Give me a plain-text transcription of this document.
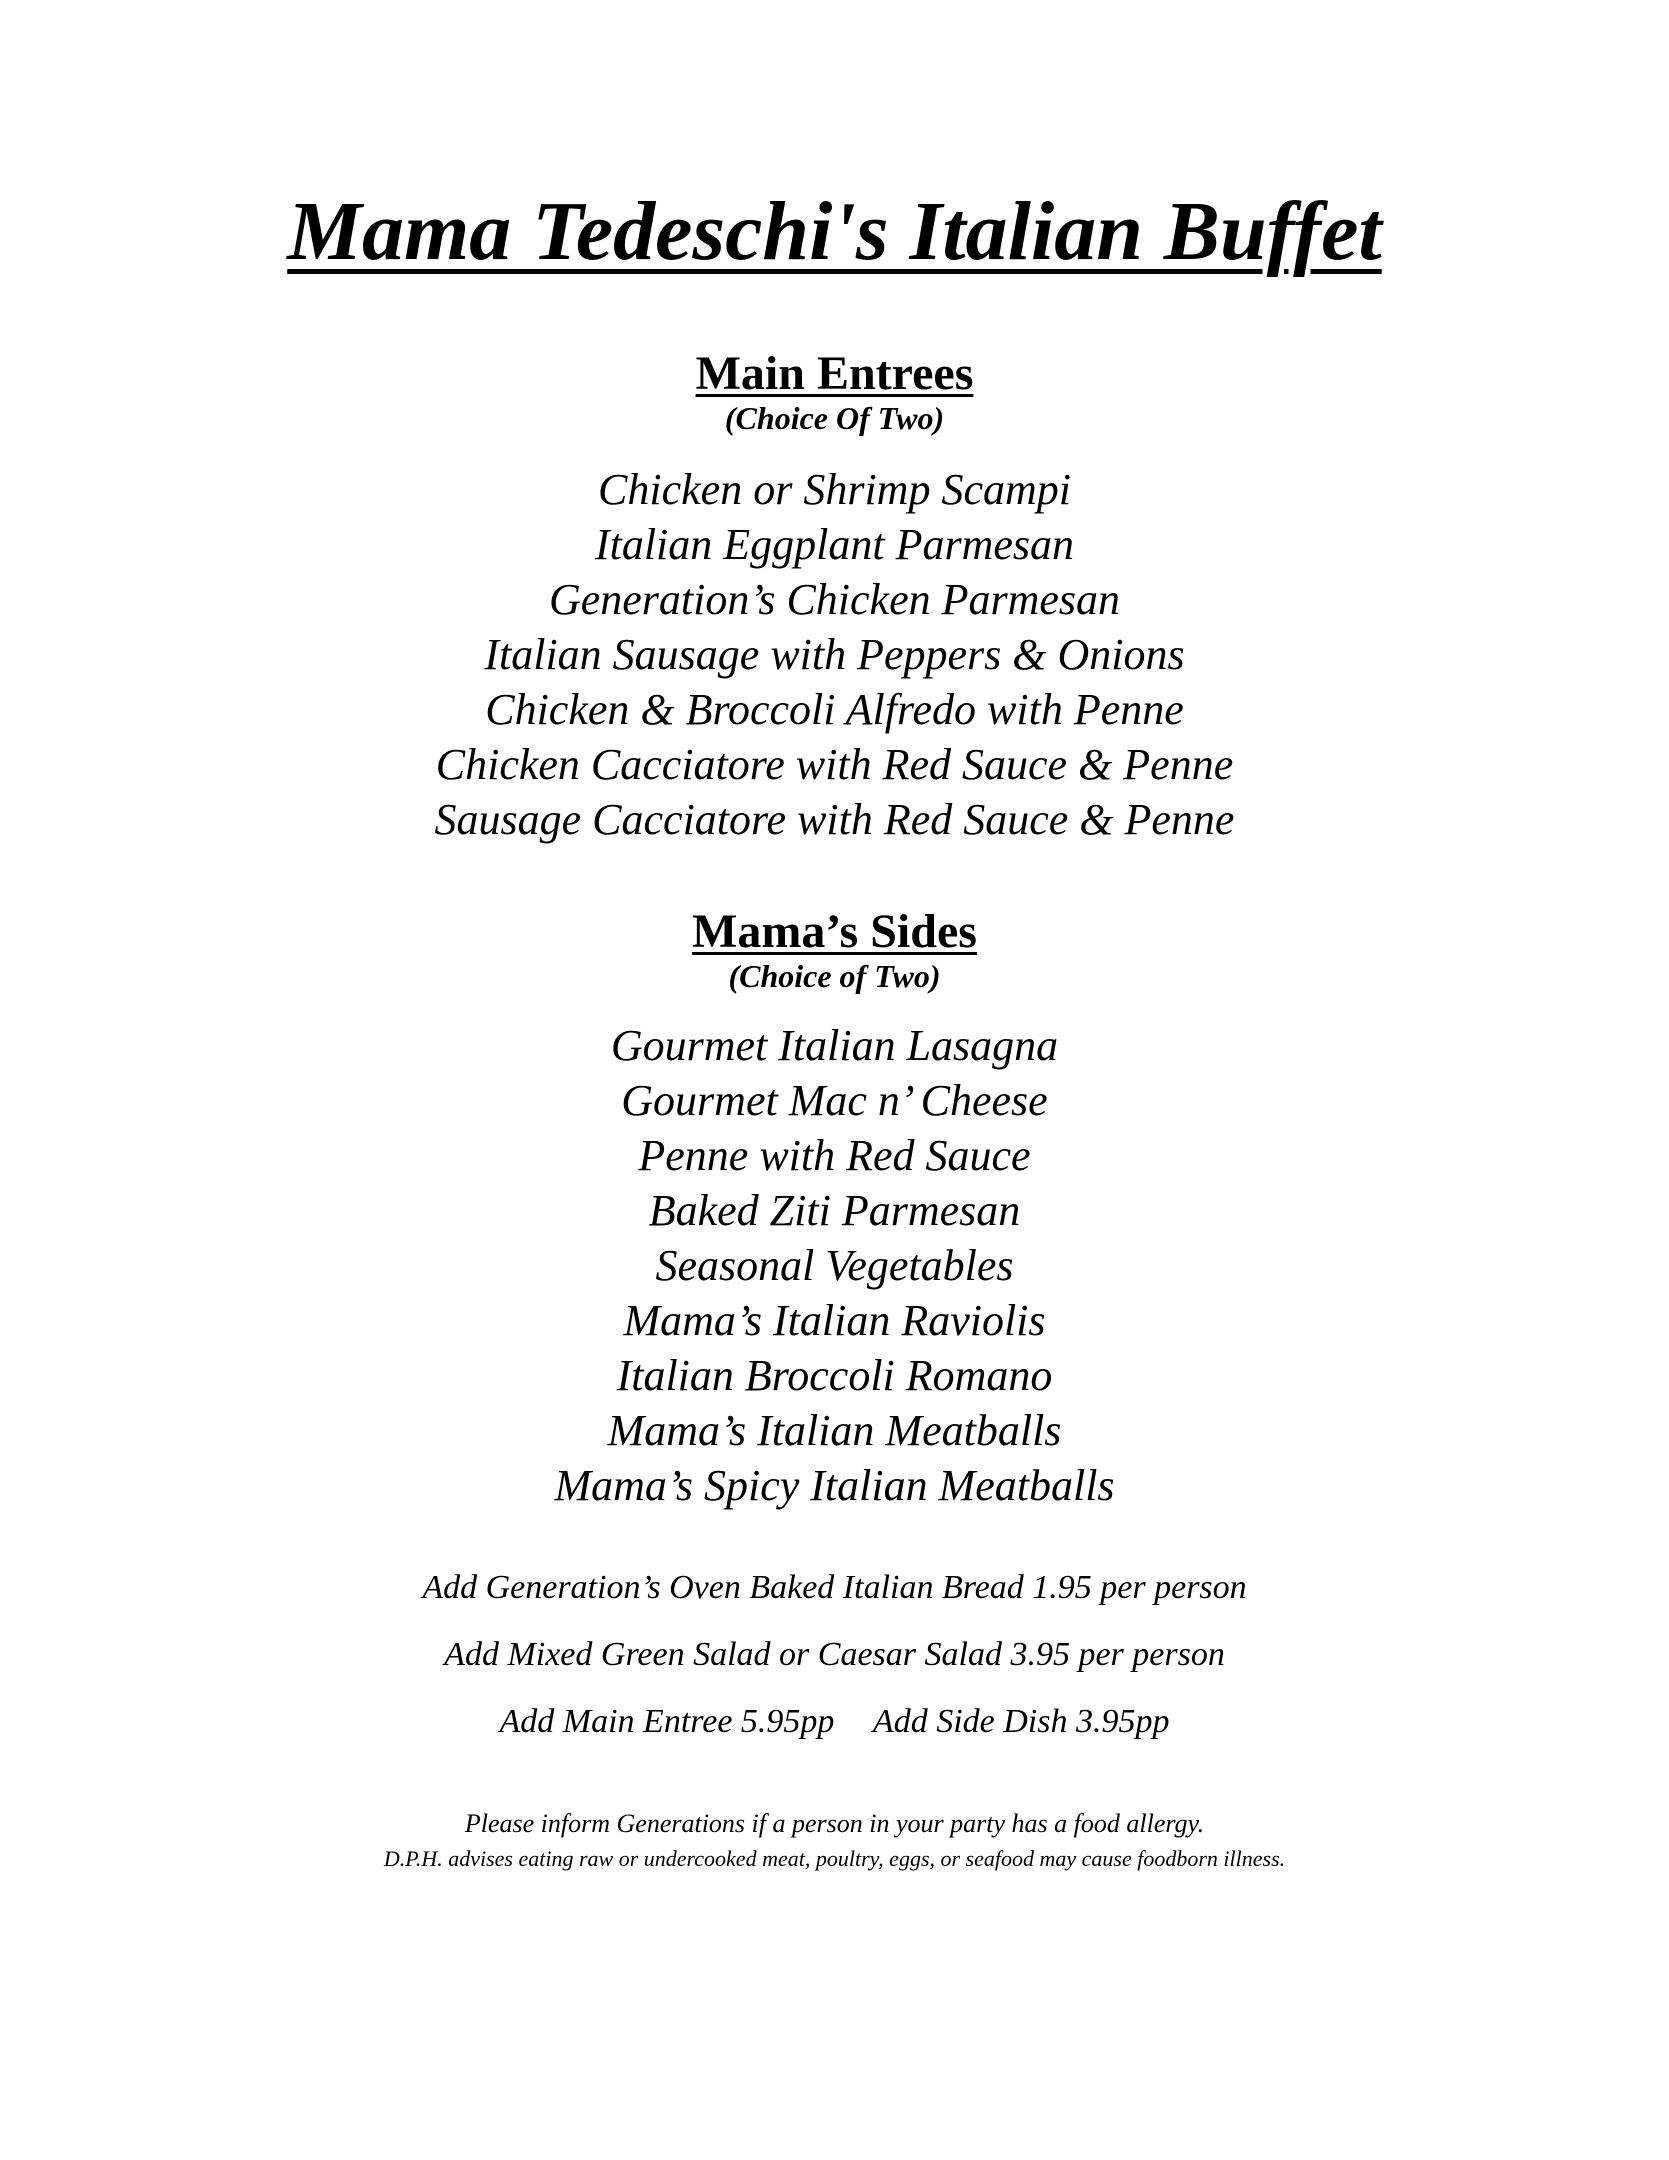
Mama Tedeschi's Italian Buffet
Main Entrees

(Choice Of Two)

Chicken or Shrimp Scampi
Italian Eggplant Parmesan
Generation’s Chicken Parmesan
Italian Sausage with Peppers & Onions
Chicken & Broccoli Alfredo with Penne
Chicken Cacciatore with Red Sauce & Penne
Sausage Cacciatore with Red Sauce & Penne
Mama’s Sides

(Choice of Two)

Gourmet Italian Lasagna
Gourmet Mac n’ Cheese
Penne with Red Sauce
Baked Ziti Parmesan
Seasonal Vegetables
Mama’s Italian Raviolis
Italian Broccoli Romano
Mama’s Italian Meatballs
Mama’s Spicy Italian Meatballs
Add Generation’s Oven Baked Italian Bread 1.95 per person
Add Mixed Green Salad or Caesar Salad 3.95 per person
Add Main Entree 5.95pp Add Side Dish 3.95pp

Please inform Generations if a person in your party has a food allergy.

D.P.H. advises eating raw or undercooked meat, poultry, eggs, or seafood may cause foodborn illness.
